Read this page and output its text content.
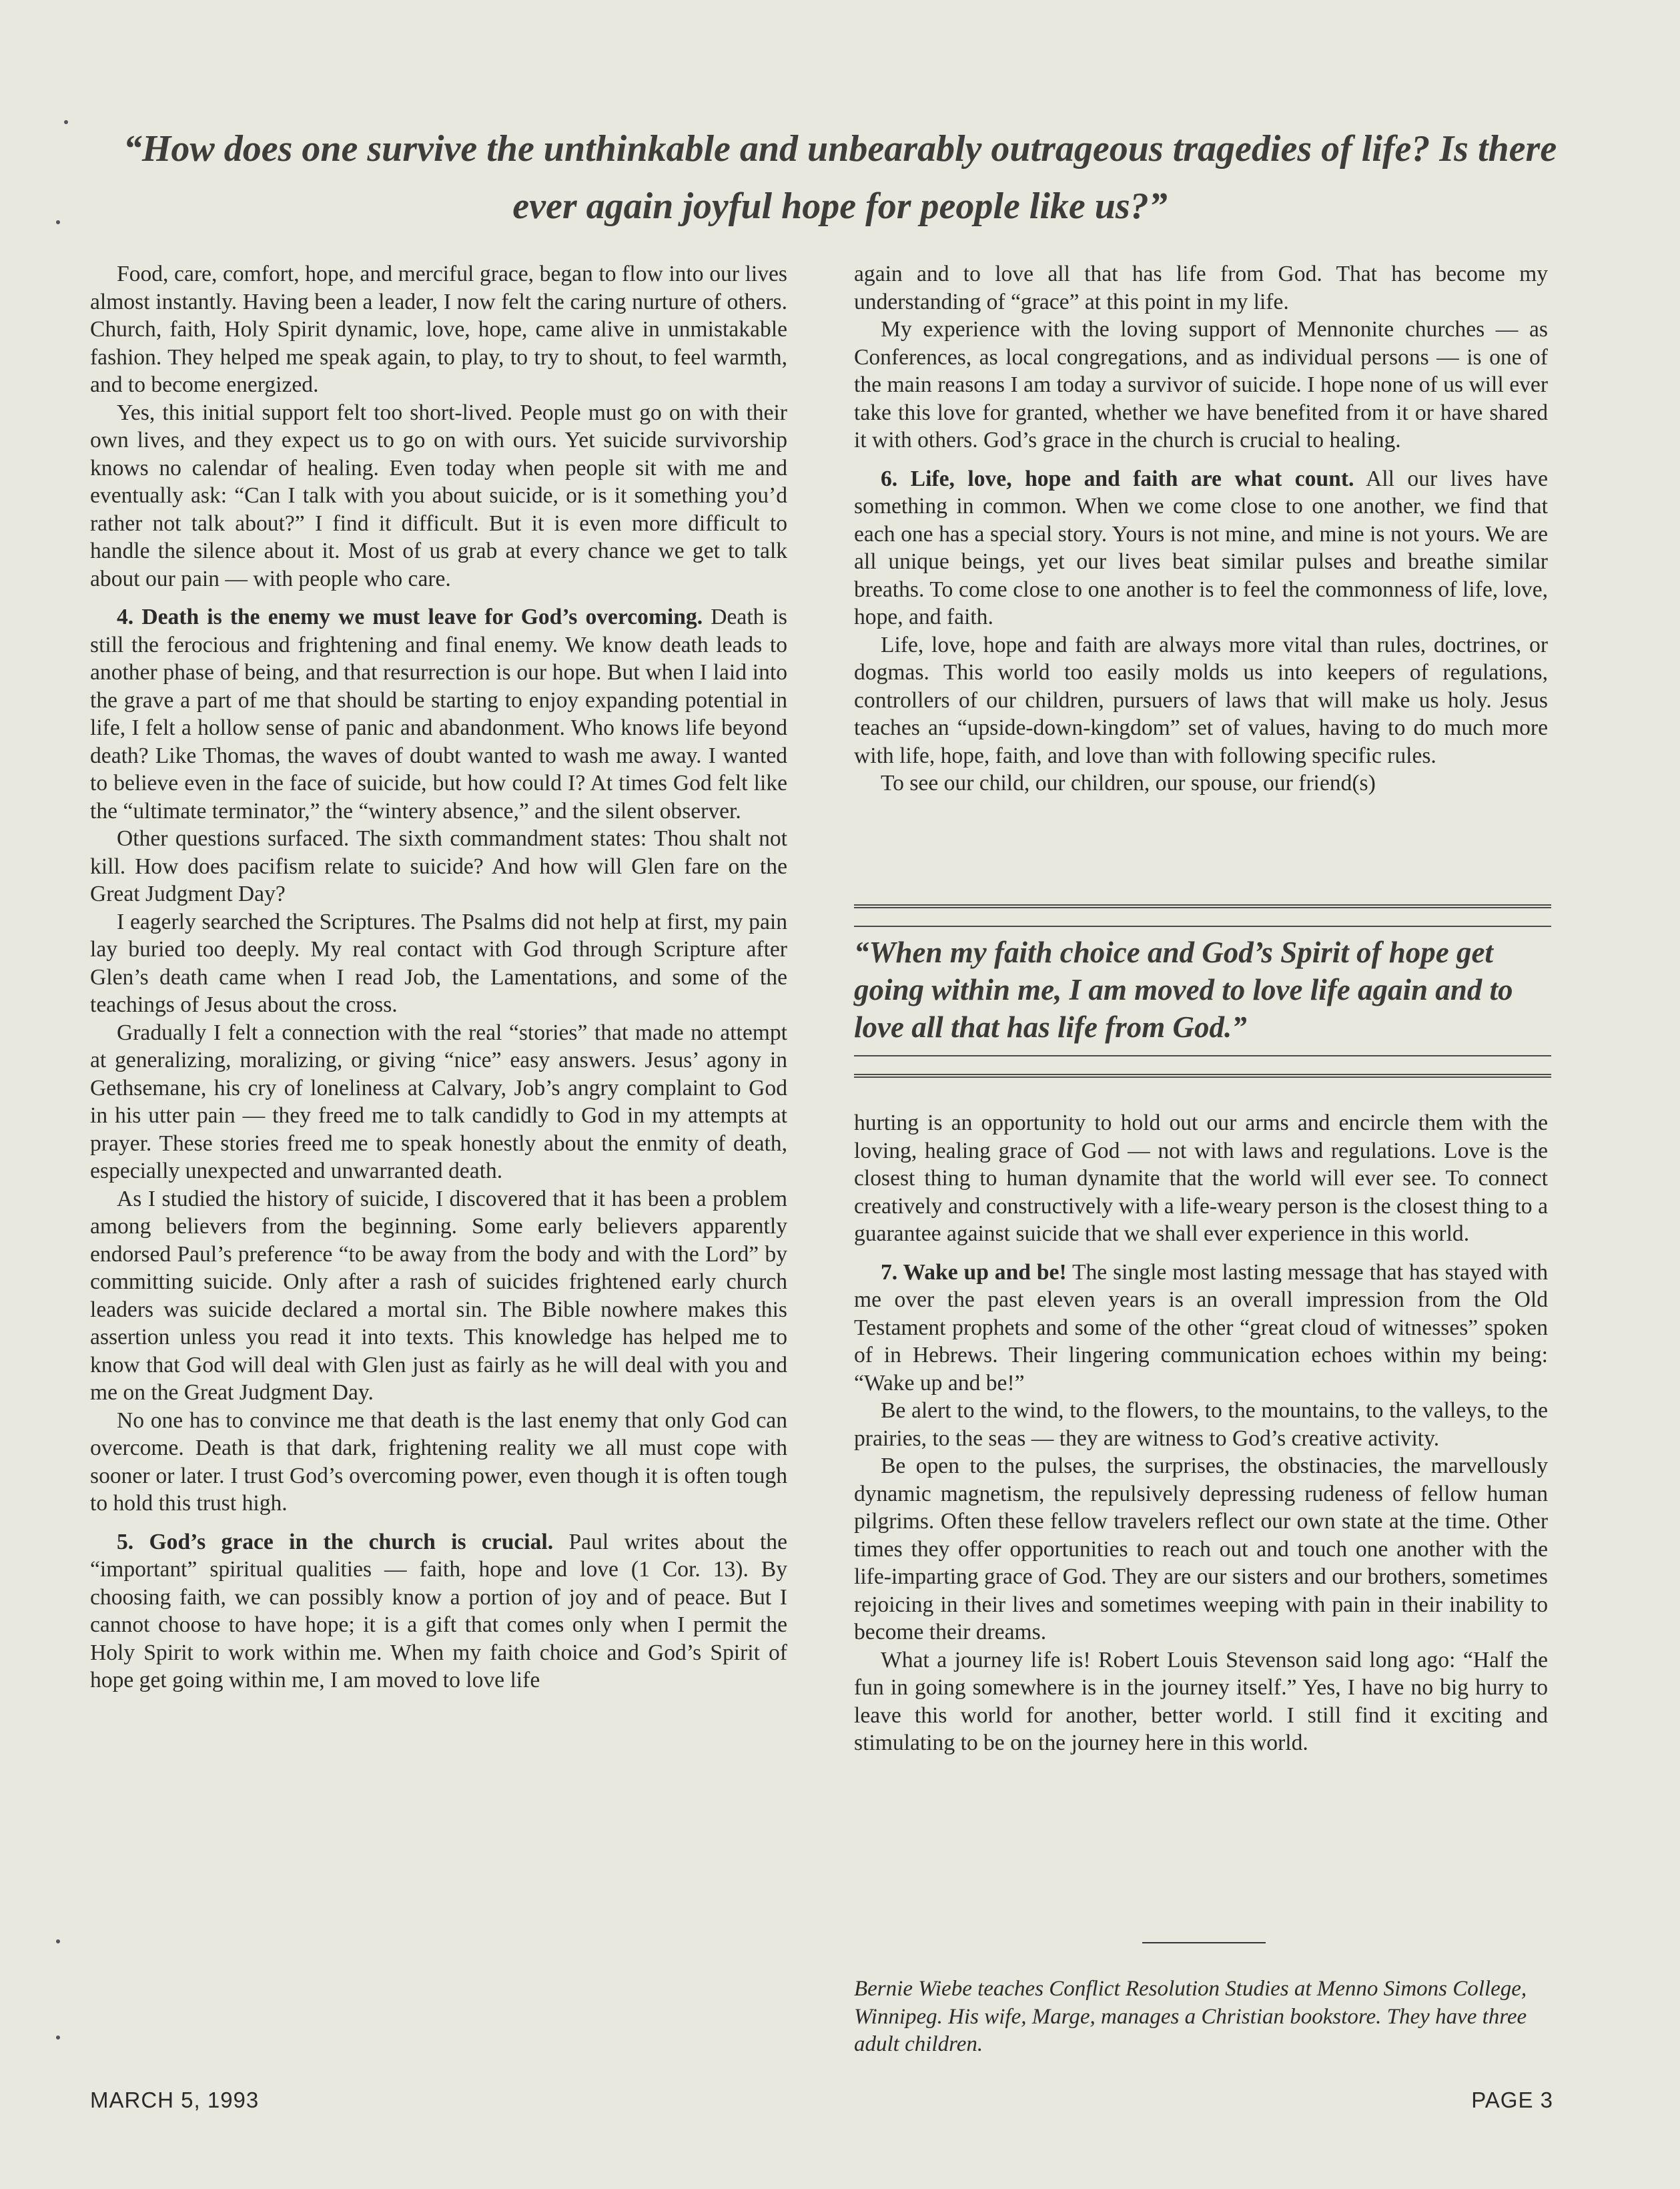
“How does one survive the unthinkable and unbearably outrageous tragedies of life? Is there ever again joyful hope for people like us?”

Food, care, comfort, hope, and merciful grace, began to flow into our lives almost instantly. Having been a leader, I now felt the caring nurture of others. Church, faith, Holy Spirit dynamic, love, hope, came alive in unmistakable fashion. They helped me speak again, to play, to try to shout, to feel warmth, and to become energized.

Yes, this initial support felt too short-lived. People must go on with their own lives, and they expect us to go on with ours. Yet suicide survivorship knows no calendar of healing. Even today when people sit with me and eventually ask: “Can I talk with you about suicide, or is it something you’d rather not talk about?” I find it difficult. But it is even more difficult to handle the silence about it. Most of us grab at every chance we get to talk about our pain — with people who care.

4. Death is the enemy we must leave for God’s overcoming. Death is still the ferocious and frightening and final enemy. We know death leads to another phase of being, and that resurrection is our hope. But when I laid into the grave a part of me that should be starting to enjoy expanding potential in life, I felt a hollow sense of panic and abandonment. Who knows life beyond death? Like Thomas, the waves of doubt wanted to wash me away. I wanted to believe even in the face of suicide, but how could I? At times God felt like the “ultimate terminator,” the “wintery absence,” and the silent observer.

Other questions surfaced. The sixth commandment states: Thou shalt not kill. How does pacifism relate to suicide? And how will Glen fare on the Great Judgment Day?

I eagerly searched the Scriptures. The Psalms did not help at first, my pain lay buried too deeply. My real contact with God through Scripture after Glen’s death came when I read Job, the Lamentations, and some of the teachings of Jesus about the cross.

Gradually I felt a connection with the real “stories” that made no attempt at generalizing, moralizing, or giving “nice” easy answers. Jesus’ agony in Gethsemane, his cry of loneliness at Calvary, Job’s angry complaint to God in his utter pain — they freed me to talk candidly to God in my attempts at prayer. These stories freed me to speak honestly about the enmity of death, especially unexpected and unwarranted death.

As I studied the history of suicide, I discovered that it has been a problem among believers from the beginning. Some early believers apparently endorsed Paul’s preference “to be away from the body and with the Lord” by committing suicide. Only after a rash of suicides frightened early church leaders was suicide declared a mortal sin. The Bible nowhere makes this assertion unless you read it into texts. This knowledge has helped me to know that God will deal with Glen just as fairly as he will deal with you and me on the Great Judgment Day.

No one has to convince me that death is the last enemy that only God can overcome. Death is that dark, frightening reality we all must cope with sooner or later. I trust God’s overcoming power, even though it is often tough to hold this trust high.

5. God’s grace in the church is crucial. Paul writes about the “important” spiritual qualities — faith, hope and love (1 Cor. 13). By choosing faith, we can possibly know a portion of joy and of peace. But I cannot choose to have hope; it is a gift that comes only when I permit the Holy Spirit to work within me. When my faith choice and God’s Spirit of hope get going within me, I am moved to love life

again and to love all that has life from God. That has become my understanding of “grace” at this point in my life.

My experience with the loving support of Mennonite churches — as Conferences, as local congregations, and as individual persons — is one of the main reasons I am today a survivor of suicide. I hope none of us will ever take this love for granted, whether we have benefited from it or have shared it with others. God’s grace in the church is crucial to healing.

6. Life, love, hope and faith are what count. All our lives have something in common. When we come close to one another, we find that each one has a special story. Yours is not mine, and mine is not yours. We are all unique beings, yet our lives beat similar pulses and breathe similar breaths. To come close to one another is to feel the commonness of life, love, hope, and faith.

Life, love, hope and faith are always more vital than rules, doctrines, or dogmas. This world too easily molds us into keepers of regulations, controllers of our children, pursuers of laws that will make us holy. Jesus teaches an “upside-down-kingdom” set of values, having to do much more with life, hope, faith, and love than with following specific rules.

To see our child, our children, our spouse, our friend(s)

“When my faith choice and God’s Spirit of hope get going within me, I am moved to love life again and to love all that has life from God.”

hurting is an opportunity to hold out our arms and encircle them with the loving, healing grace of God — not with laws and regulations. Love is the closest thing to human dynamite that the world will ever see. To connect creatively and constructively with a life-weary person is the closest thing to a guarantee against suicide that we shall ever experience in this world.

7. Wake up and be! The single most lasting message that has stayed with me over the past eleven years is an overall impression from the Old Testament prophets and some of the other “great cloud of witnesses” spoken of in Hebrews. Their lingering communication echoes within my being: “Wake up and be!”

Be alert to the wind, to the flowers, to the mountains, to the valleys, to the prairies, to the seas — they are witness to God’s creative activity.

Be open to the pulses, the surprises, the obstinacies, the marvellously dynamic magnetism, the repulsively depressing rudeness of fellow human pilgrims. Often these fellow travelers reflect our own state at the time. Other times they offer opportunities to reach out and touch one another with the life-imparting grace of God. They are our sisters and our brothers, sometimes rejoicing in their lives and sometimes weeping with pain in their inability to become their dreams.

What a journey life is! Robert Louis Stevenson said long ago: “Half the fun in going somewhere is in the journey itself.” Yes, I have no big hurry to leave this world for another, better world. I still find it exciting and stimulating to be on the journey here in this world.

Bernie Wiebe teaches Conflict Resolution Studies at Menno Simons College, Winnipeg. His wife, Marge, manages a Christian bookstore. They have three adult children.
MARCH 5, 1993	PAGE 3
